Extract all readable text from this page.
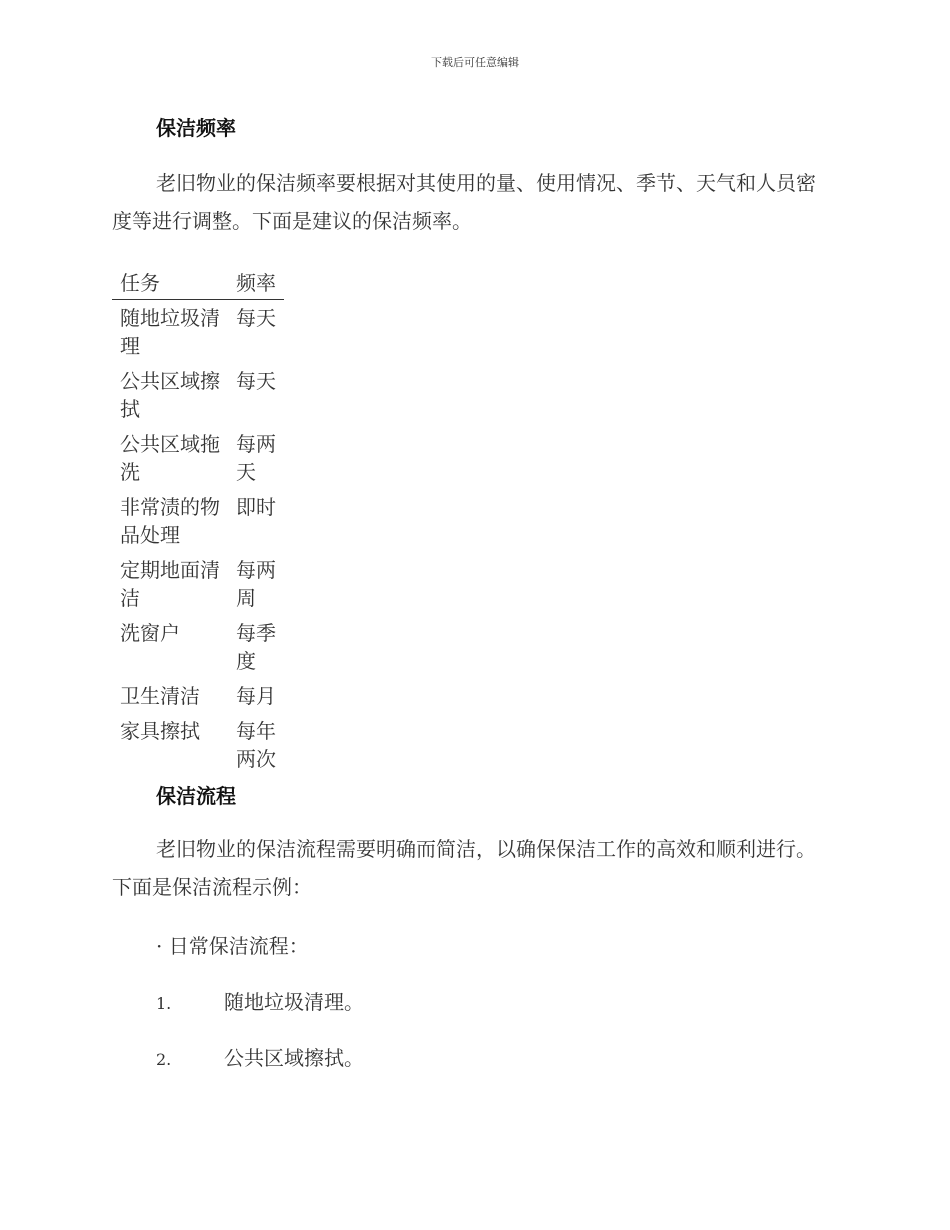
下载后可任意编辑
保洁频率
老旧物业的保洁频率要根据对其使用的量、使用情况、季节、天气和人员密度等进行调整。下面是建议的保洁频率。
任务	频率
随地垃圾清理	每天
公共区域擦拭	每天
公共区域拖洗	每两天
非常渍的物品处理	即时
定期地面清洁	每两周
洗窗户	每季度
卫生清洁	每月
家具擦拭	每年两次
保洁流程
老旧物业的保洁流程需要明确而简洁，以确保保洁工作的高效和顺利进行。下面是保洁流程示例：
· 日常保洁流程：
1.	随地垃圾清理。
2.	公共区域擦拭。
